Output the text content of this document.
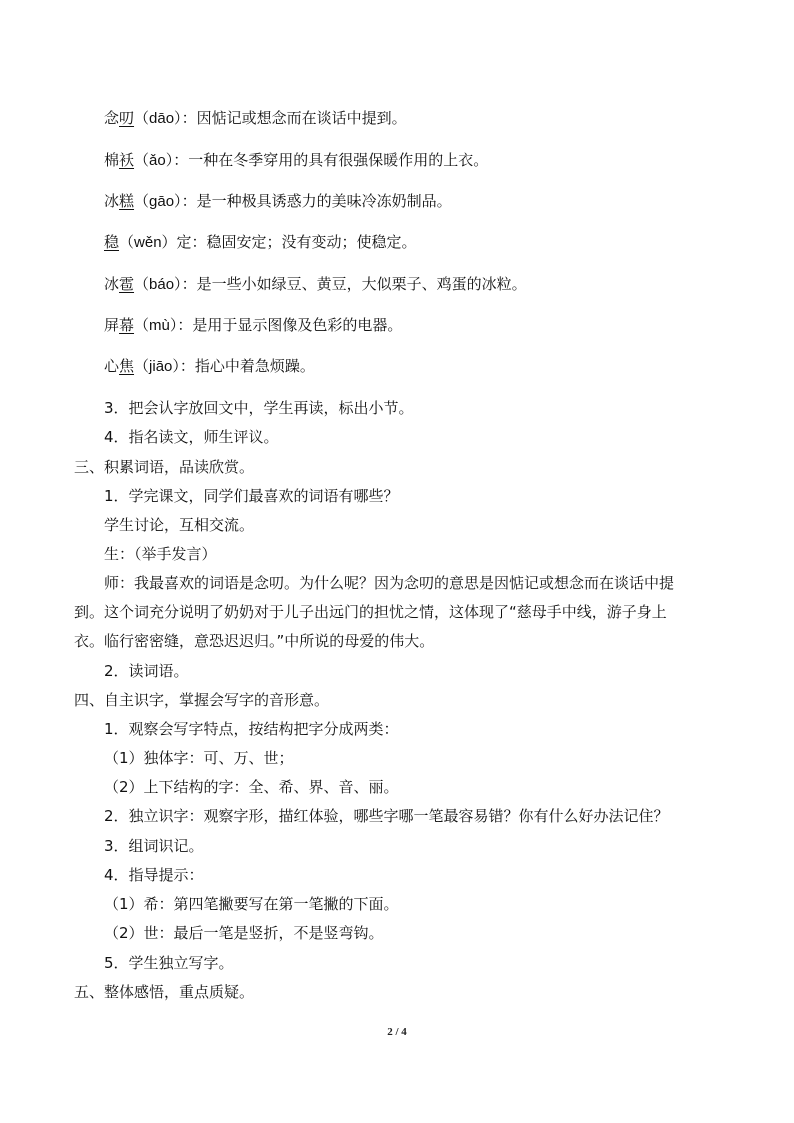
念叨（dāo）：因惦记或想念而在谈话中提到。
棉袄（ǎo）：一种在冬季穿用的具有很强保暖作用的上衣。
冰糕（gāo）：是一种极具诱惑力的美味冷冻奶制品。
稳（wěn）定：稳固安定；没有变动；使稳定。
冰雹（báo）：是一些小如绿豆、黄豆，大似栗子、鸡蛋的冰粒。
屏幕（mù）：是用于显示图像及色彩的电器。
心焦（jiāo）：指心中着急烦躁。
3．把会认字放回文中，学生再读，标出小节。
4．指名读文，师生评议。
三、积累词语，品读欣赏。
1．学完课文，同学们最喜欢的词语有哪些？
学生讨论，互相交流。
生：（举手发言）
师：我最喜欢的词语是念叨。为什么呢？因为念叨的意思是因惦记或想念而在谈话中提
到。这个词充分说明了奶奶对于儿子出远门的担忧之情，这体现了“慈母手中线，游子身上
衣。临行密密缝，意恐迟迟归。”中所说的母爱的伟大。
2．读词语。
四、自主识字，掌握会写字的音形意。
1．观察会写字特点，按结构把字分成两类：
（1）独体字：可、万、世；
（2）上下结构的字：全、希、界、音、丽。
2．独立识字：观察字形，描红体验，哪些字哪一笔最容易错？你有什么好办法记住？
3．组词识记。
4．指导提示：
（1）希：第四笔撇要写在第一笔撇的下面。
（2）世：最后一笔是竖折，不是竖弯钩。
5．学生独立写字。
五、整体感悟，重点质疑。
2 / 4
